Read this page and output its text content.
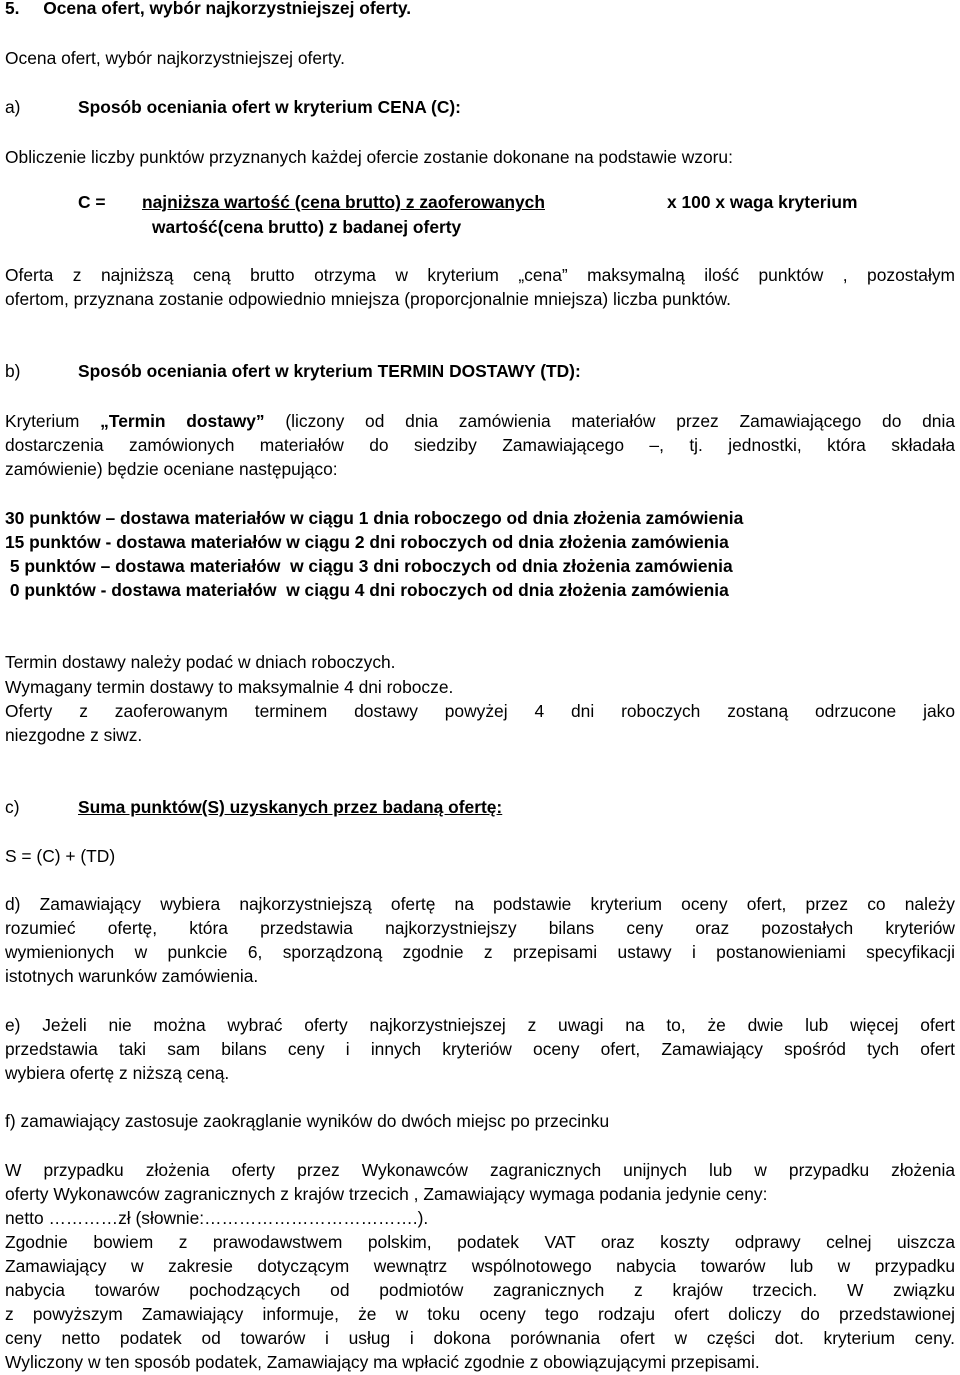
5. Ocena ofert, wybór najkorzystniejszej oferty.
Ocena ofert, wybór najkorzystniejszej oferty.
a)	Sposób oceniania ofert w kryterium CENA (C):
Obliczenie liczby punktów przyznanych każdej ofercie zostanie dokonane na podstawie wzoru:
C = najniższa wartość (cena brutto) z zaoferowanych	x 100 x waga kryterium
wartość(cena brutto) z badanej oferty
Oferta z najniższą ceną brutto otrzyma w kryterium „cena” maksymalną ilość punktów , pozostałym
ofertom, przyznana zostanie odpowiednio mniejsza (proporcjonalnie mniejsza) liczba punktów.
b)	Sposób oceniania ofert w kryterium TERMIN DOSTAWY (TD):
Kryterium „Termin dostawy” (liczony od dnia zamówienia materiałów przez Zamawiającego do dnia
dostarczenia zamówionych materiałów do siedziby Zamawiającego –, tj. jednostki, która składała
zamówienie) będzie oceniane następująco:
30 punktów – dostawa materiałów w ciągu 1 dnia roboczego od dnia złożenia zamówienia
15 punktów - dostawa materiałów w ciągu 2 dni roboczych od dnia złożenia zamówienia
5 punktów – dostawa materiałów  w ciągu 3 dni roboczych od dnia złożenia zamówienia
0 punktów - dostawa materiałów  w ciągu 4 dni roboczych od dnia złożenia zamówienia
Termin dostawy należy podać w dniach roboczych.
Wymagany termin dostawy to maksymalnie 4 dni robocze.
Oferty z zaoferowanym terminem dostawy powyżej 4 dni roboczych zostaną odrzucone jako
niezgodne z siwz.
c)	Suma punktów(S) uzyskanych przez badaną ofertę:
S = (C) + (TD)
d) Zamawiający wybiera najkorzystniejszą ofertę na podstawie kryterium oceny ofert, przez co należy
rozumieć ofertę, która przedstawia najkorzystniejszy bilans ceny oraz pozostałych kryteriów
wymienionych w punkcie 6, sporządzoną zgodnie z przepisami ustawy i postanowieniami specyfikacji
istotnych warunków zamówienia.
e) Jeżeli nie można wybrać oferty najkorzystniejszej z uwagi na to, że dwie lub więcej ofert
przedstawia taki sam bilans ceny i innych kryteriów oceny ofert, Zamawiający spośród tych ofert
wybiera ofertę z niższą ceną.
f) zamawiający zastosuje zaokrąglanie wyników do dwóch miejsc po przecinku
W przypadku złożenia oferty przez Wykonawców zagranicznych unijnych lub w przypadku złożenia
oferty Wykonawców zagranicznych z krajów trzecich , Zamawiający wymaga podania jedynie ceny:
netto …………zł (słownie:……………………………….).
Zgodnie bowiem z prawodawstwem polskim, podatek VAT oraz koszty odprawy celnej uiszcza
Zamawiający w zakresie dotyczącym wewnątrz wspólnotowego nabycia towarów lub w przypadku
nabycia towarów pochodzących od podmiotów zagranicznych z krajów trzecich. W związku
z powyższym Zamawiający informuje, że w toku oceny tego rodzaju ofert doliczy do przedstawionej
ceny netto podatek od towarów i usług i dokona porównania ofert w części dot. kryterium ceny.
Wyliczony w ten sposób podatek, Zamawiający ma wpłacić zgodnie z obowiązującymi przepisami.
